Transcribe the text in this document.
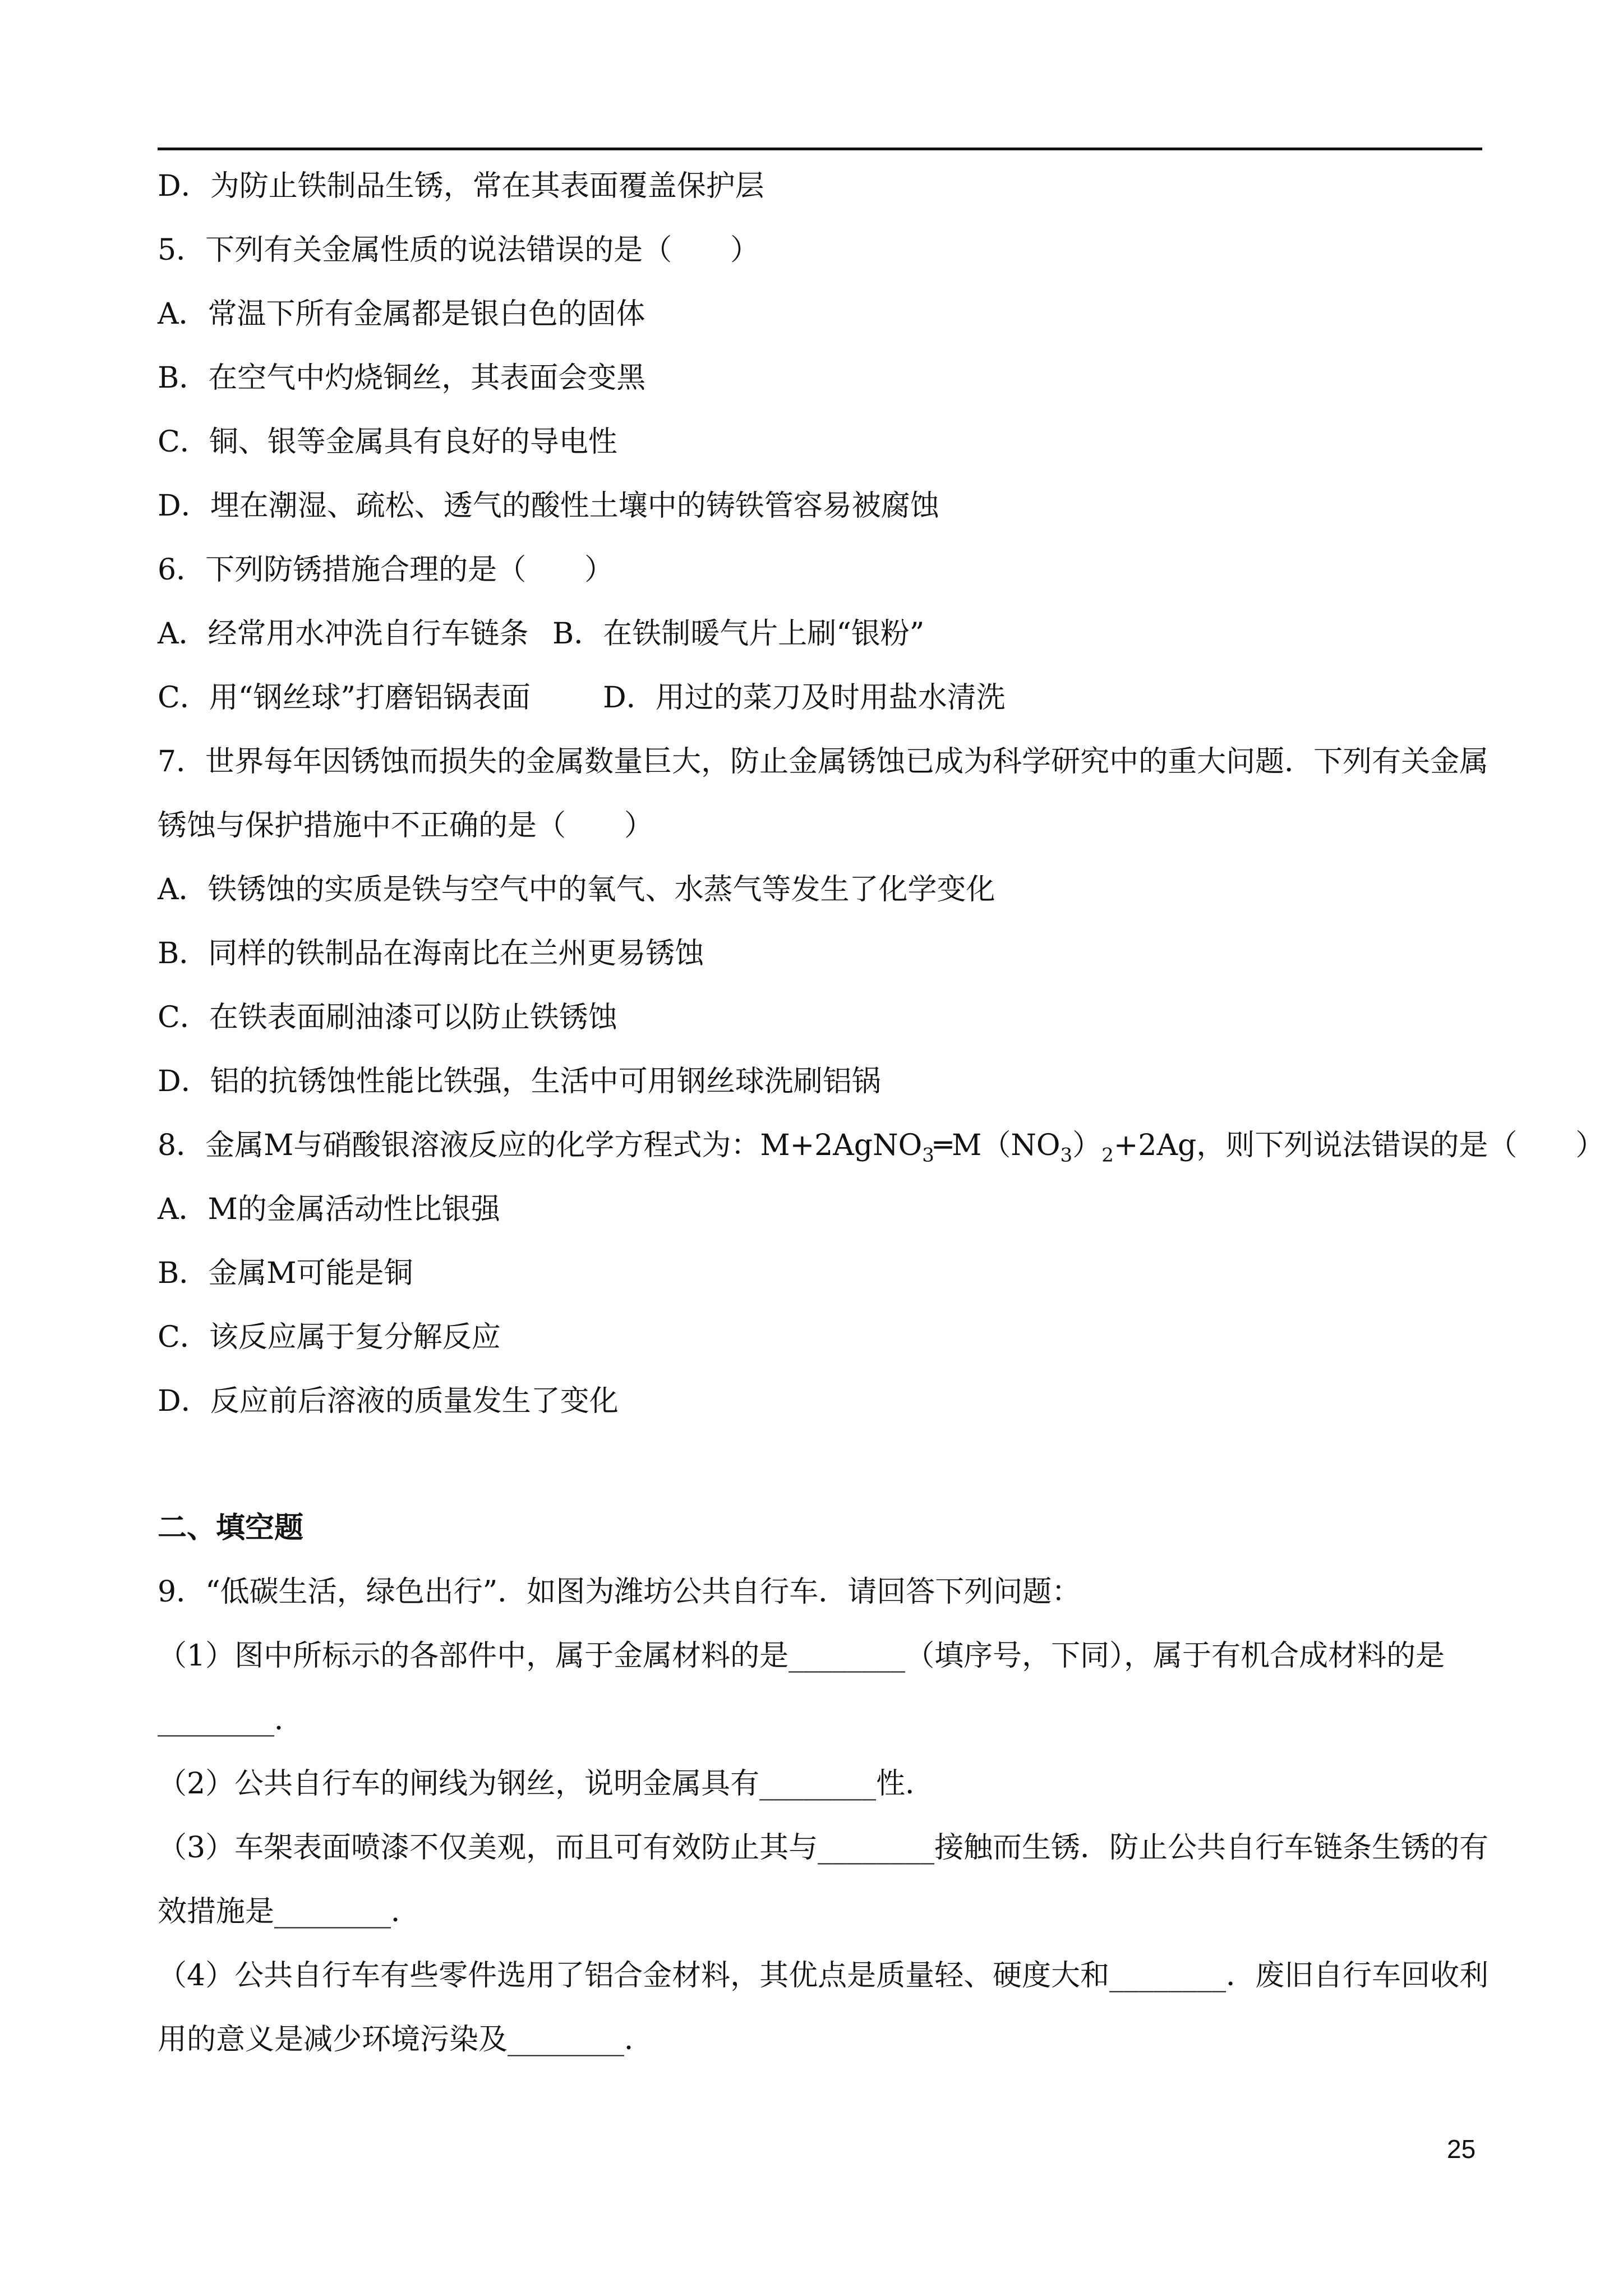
D．为防止铁制品生锈，常在其表面覆盖保护层
5．下列有关金属性质的说法错误的是（　　）
A．常温下所有金属都是银白色的固体
B．在空气中灼烧铜丝，其表面会变黑
C．铜、银等金属具有良好的导电性
D．埋在潮湿、疏松、透气的酸性土壤中的铸铁管容易被腐蚀
6．下列防锈措施合理的是（　　）
A．经常用水冲洗自行车链条 B．在铁制暖气片上刷“银粉”
C．用“钢丝球”打磨铝锅表面 D．用过的菜刀及时用盐水清洗
7．世界每年因锈蚀而损失的金属数量巨大，防止金属锈蚀已成为科学研究中的重大问题．下列有关金属
锈蚀与保护措施中不正确的是（　　）
A．铁锈蚀的实质是铁与空气中的氧气、水蒸气等发生了化学变化
B．同样的铁制品在海南比在兰州更易锈蚀
C．在铁表面刷油漆可以防止铁锈蚀
D．铝的抗锈蚀性能比铁强，生活中可用钢丝球洗刷铝锅
8．金属M与硝酸银溶液反应的化学方程式为：$M+2AgNO_3═M(NO_3)_2+2Ag$，则下列说法错误的是（　　）
A．M的金属活动性比银强
B．金属M可能是铜
C．该反应属于复分解反应
D．反应前后溶液的质量发生了变化
二、填空题
9．“低碳生活，绿色出行”．如图为潍坊公共自行车．请回答下列问题：
（1）图中所标示的各部件中，属于金属材料的是________（填序号，下同），属于有机合成材料的是
________．
（2）公共自行车的闸线为钢丝，说明金属具有________性．
（3）车架表面喷漆不仅美观，而且可有效防止其与________接触而生锈．防止公共自行车链条生锈的有
效措施是________．
（4）公共自行车有些零件选用了铝合金材料，其优点是质量轻、硬度大和________．废旧自行车回收利
用的意义是减少环境污染及________．
25
